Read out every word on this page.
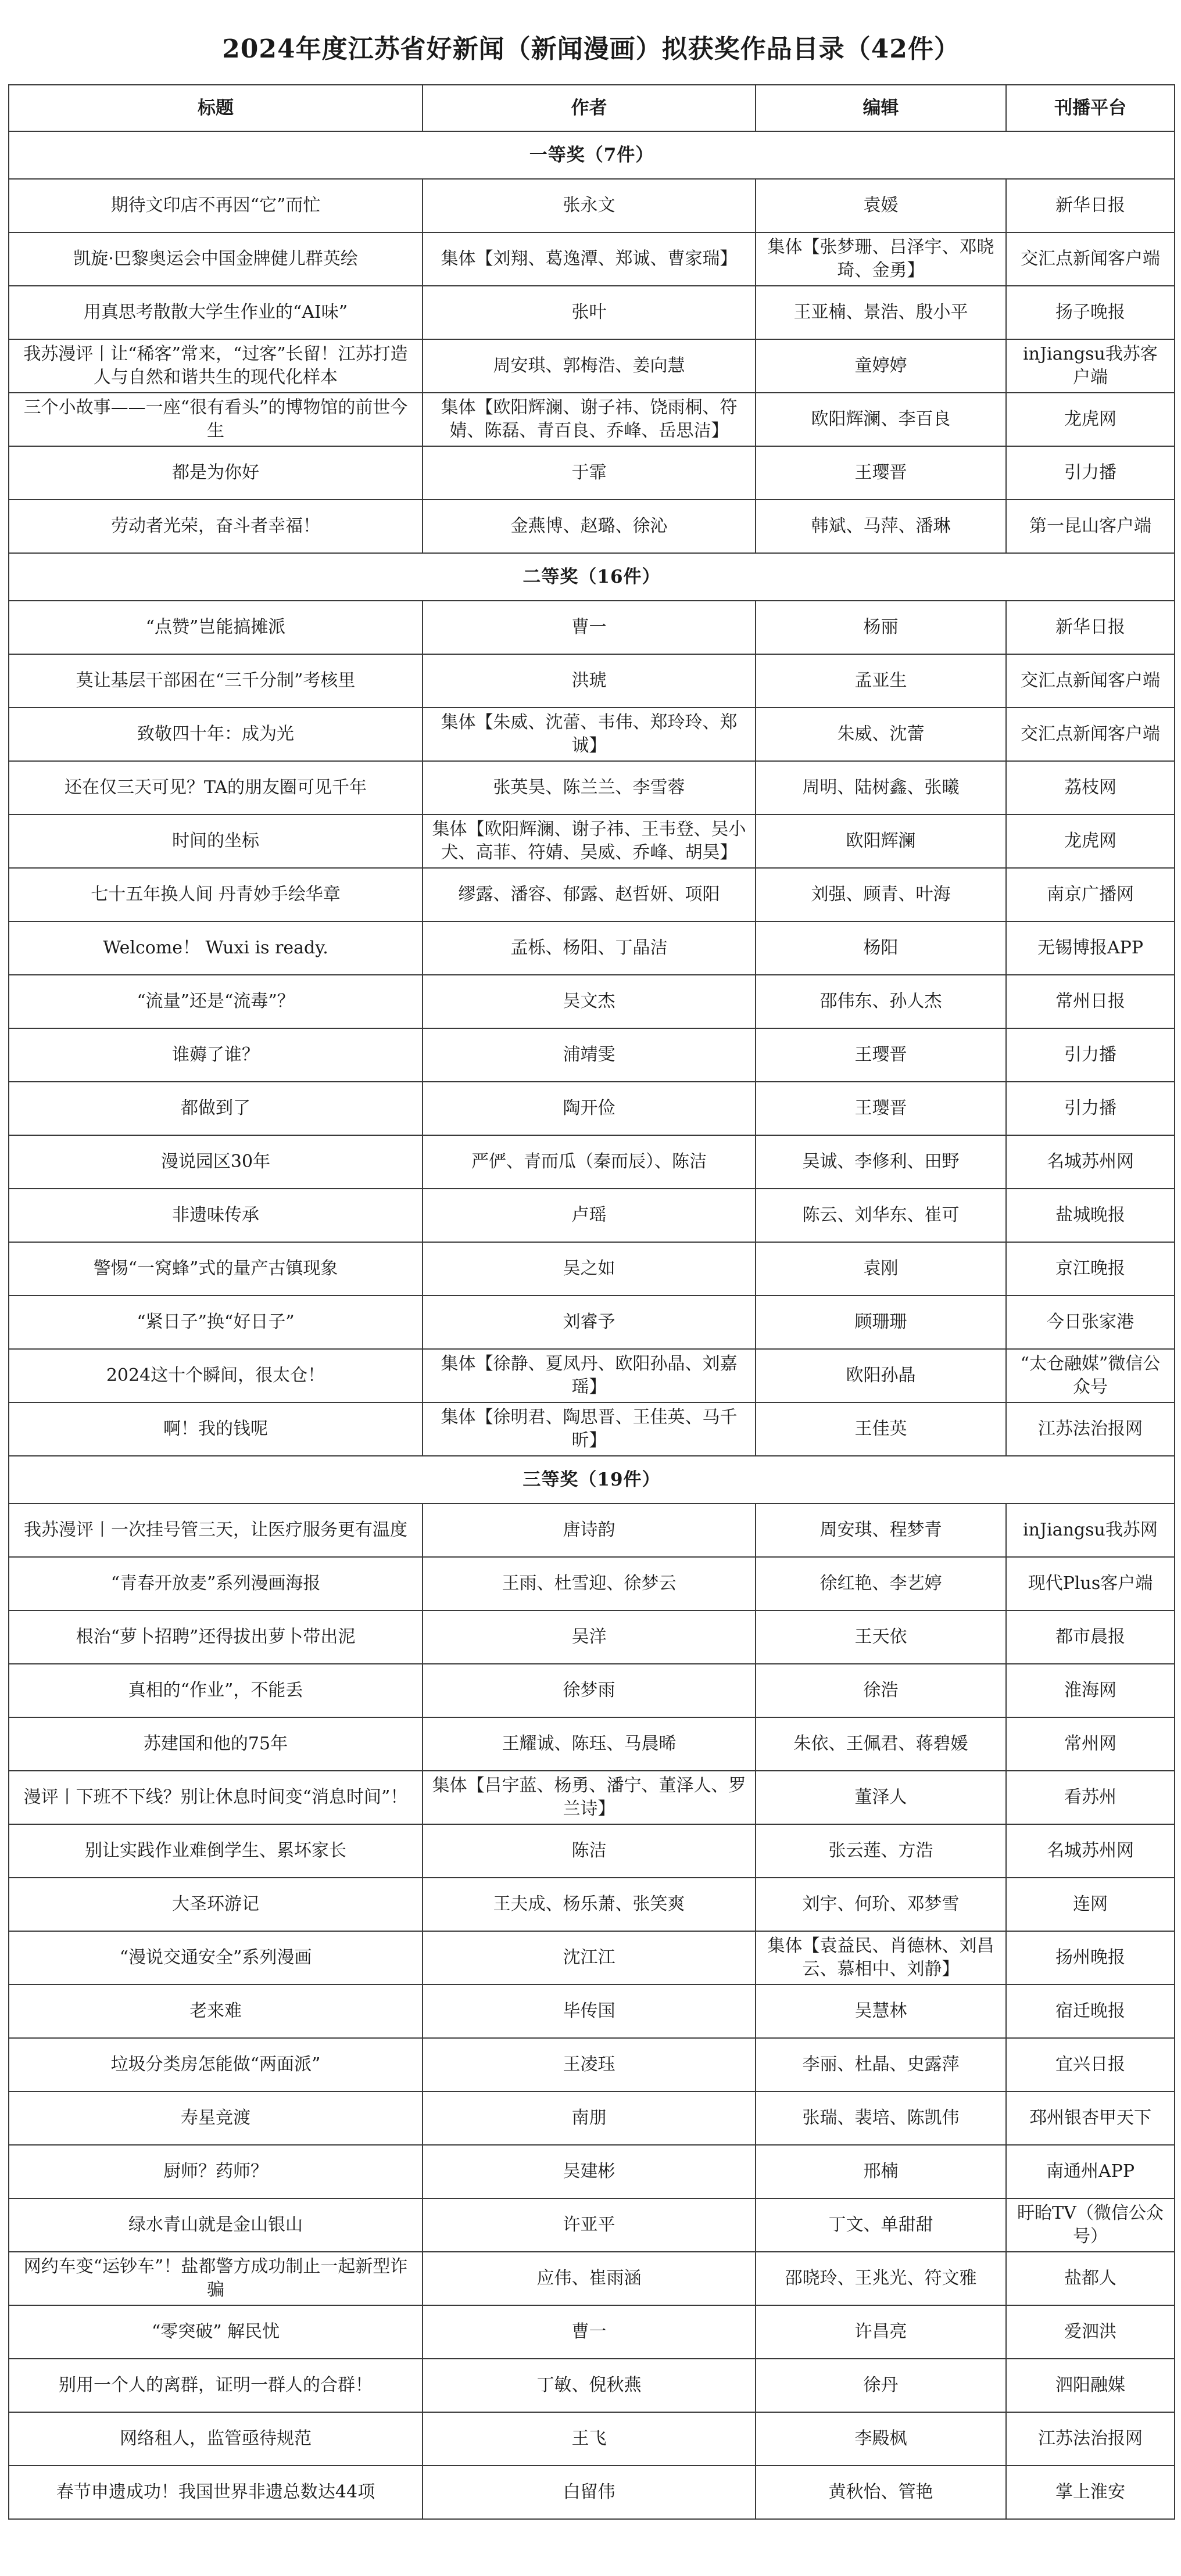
2024年度江苏省好新闻（新闻漫画）拟获奖作品目录（42件）
标题	作者	编辑	刊播平台
一等奖（7件）			
期待文印店不再因“它”而忙	张永文	袁媛	新华日报
凯旋·巴黎奥运会中国金牌健儿群英绘	集体【刘翔、葛逸潭、郑诚、曹家瑞】	集体【张梦珊、吕泽宇、邓晓琦、金勇】	交汇点新闻客户端
用真思考散散大学生作业的“AI味”	张叶	王亚楠、景浩、殷小平	扬子晚报
我苏漫评丨让“稀客”常来，“过客”长留！江苏打造人与自然和谐共生的现代化样本	周安琪、郭梅浩、姜向慧	童婷婷	inJiangsu我苏客户端
三个小故事——一座“很有看头”的博物馆的前世今生	集体【欧阳辉澜、谢子祎、饶雨桐、符婧、陈磊、青百良、乔峰、岳思洁】	欧阳辉澜、李百良	龙虎网
都是为你好	于霏	王璎晋	引力播
劳动者光荣，奋斗者幸福！	金燕博、赵璐、徐沁	韩斌、马萍、潘琳	第一昆山客户端
二等奖（16件）			
“点赞”岂能搞摊派	曹一	杨丽	新华日报
莫让基层干部困在“三千分制”考核里	洪琥	孟亚生	交汇点新闻客户端
致敬四十年：成为光	集体【朱威、沈蕾、韦伟、郑玲玲、郑诚】	朱威、沈蕾	交汇点新闻客户端
还在仅三天可见？TA的朋友圈可见千年	张英昊、陈兰兰、李雪蓉	周明、陆树鑫、张曦	荔枝网
时间的坐标	集体【欧阳辉澜、谢子祎、王韦登、吴小犬、高菲、符婧、吴威、乔峰、胡昊】	欧阳辉澜	龙虎网
七十五年换人间 丹青妙手绘华章	缪露、潘容、郁露、赵哲妍、项阳	刘强、顾青、叶海	南京广播网
Welcome！ Wuxi is ready.	孟栎、杨阳、丁晶洁	杨阳	无锡博报APP
“流量”还是“流毒”？	吴文杰	邵伟东、孙人杰	常州日报
谁薅了谁？	浦靖雯	王璎晋	引力播
都做到了	陶开俭	王璎晋	引力播
漫说园区30年	严俨、青而瓜（秦而辰）、陈洁	吴诚、李修利、田野	名城苏州网
非遗味传承	卢瑶	陈云、刘华东、崔可	盐城晚报
警惕“一窝蜂”式的量产古镇现象	吴之如	袁刚	京江晚报
“紧日子”换“好日子”	刘睿予	顾珊珊	今日张家港
2024这十个瞬间，很太仓！	集体【徐静、夏凤丹、欧阳孙晶、刘嘉瑶】	欧阳孙晶	“太仓融媒”微信公众号
啊！我的钱呢	集体【徐明君、陶思晋、王佳英、马千昕】	王佳英	江苏法治报网
三等奖（19件）			
我苏漫评丨一次挂号管三天，让医疗服务更有温度	唐诗韵	周安琪、程梦青	inJiangsu我苏网
“青春开放麦”系列漫画海报	王雨、杜雪迎、徐梦云	徐红艳、李艺婷	现代Plus客户端
根治“萝卜招聘”还得拔出萝卜带出泥	吴洋	王天依	都市晨报
真相的“作业”，不能丢	徐梦雨	徐浩	淮海网
苏建国和他的75年	王耀诚、陈珏、马晨晞	朱依、王佩君、蒋碧媛	常州网
漫评丨下班不下线？别让休息时间变“消息时间”！	集体【吕宇蓝、杨勇、潘宁、董泽人、罗兰诗】	董泽人	看苏州
别让实践作业难倒学生、累坏家长	陈洁	张云莲、方浩	名城苏州网
大圣环游记	王夫成、杨乐萧、张笑爽	刘宇、何玠、邓梦雪	连网
“漫说交通安全”系列漫画	沈江江	集体【袁益民、肖德林、刘昌云、慕相中、刘静】	扬州晚报
老来难	毕传国	吴慧林	宿迁晚报
垃圾分类房怎能做“两面派”	王凌珏	李丽、杜晶、史露萍	宜兴日报
寿星竞渡	南朋	张瑞、裴培、陈凯伟	邳州银杏甲天下
厨师？药师？	吴建彬	邢楠	南通州APP
绿水青山就是金山银山	许亚平	丁文、单甜甜	盱眙TV（微信公众号）
网约车变“运钞车”！盐都警方成功制止一起新型诈骗	应伟、崔雨涵	邵晓玲、王兆光、符文雅	盐都人
“零突破” 解民忧	曹一	许昌亮	爱泗洪
别用一个人的离群，证明一群人的合群！	丁敏、倪秋燕	徐丹	泗阳融媒
网络租人，监管亟待规范	王飞	李殿枫	江苏法治报网
春节申遗成功！我国世界非遗总数达44项	白留伟	黄秋怡、管艳	掌上淮安
